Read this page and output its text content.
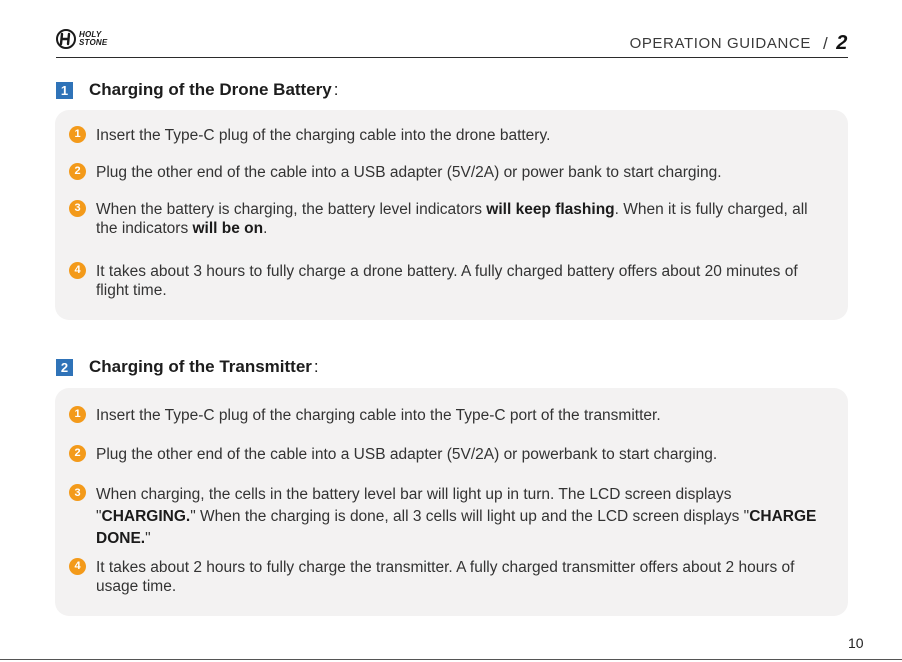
HOLY
STONE	OPERATION GUIDANCE / 2
1 Charging of the Drone Battery :
1 Insert the Type-C plug of the charging cable into the drone battery.
2 Plug the other end of the cable into a USB adapter (5V/2A) or power bank to start charging.
3 When the battery is charging, the battery level indicators will keep flashing. When it is fully charged, all the indicators will be on.
4 It takes about 3 hours to fully charge a drone battery. A fully charged battery offers about 20 minutes of flight time.
2 Charging of the Transmitter :
1 Insert the Type-C plug of the charging cable into the Type-C port of the transmitter.
2 Plug the other end of the cable into a USB adapter (5V/2A) or powerbank to start charging.
3 When charging, the cells in the battery level bar will light up in turn. The LCD screen displays "CHARGING." When the charging is done, all 3 cells will light up and the LCD screen displays "CHARGE DONE."
4 It takes about 2 hours to fully charge the transmitter. A fully charged transmitter offers about 2 hours of usage time.
10
